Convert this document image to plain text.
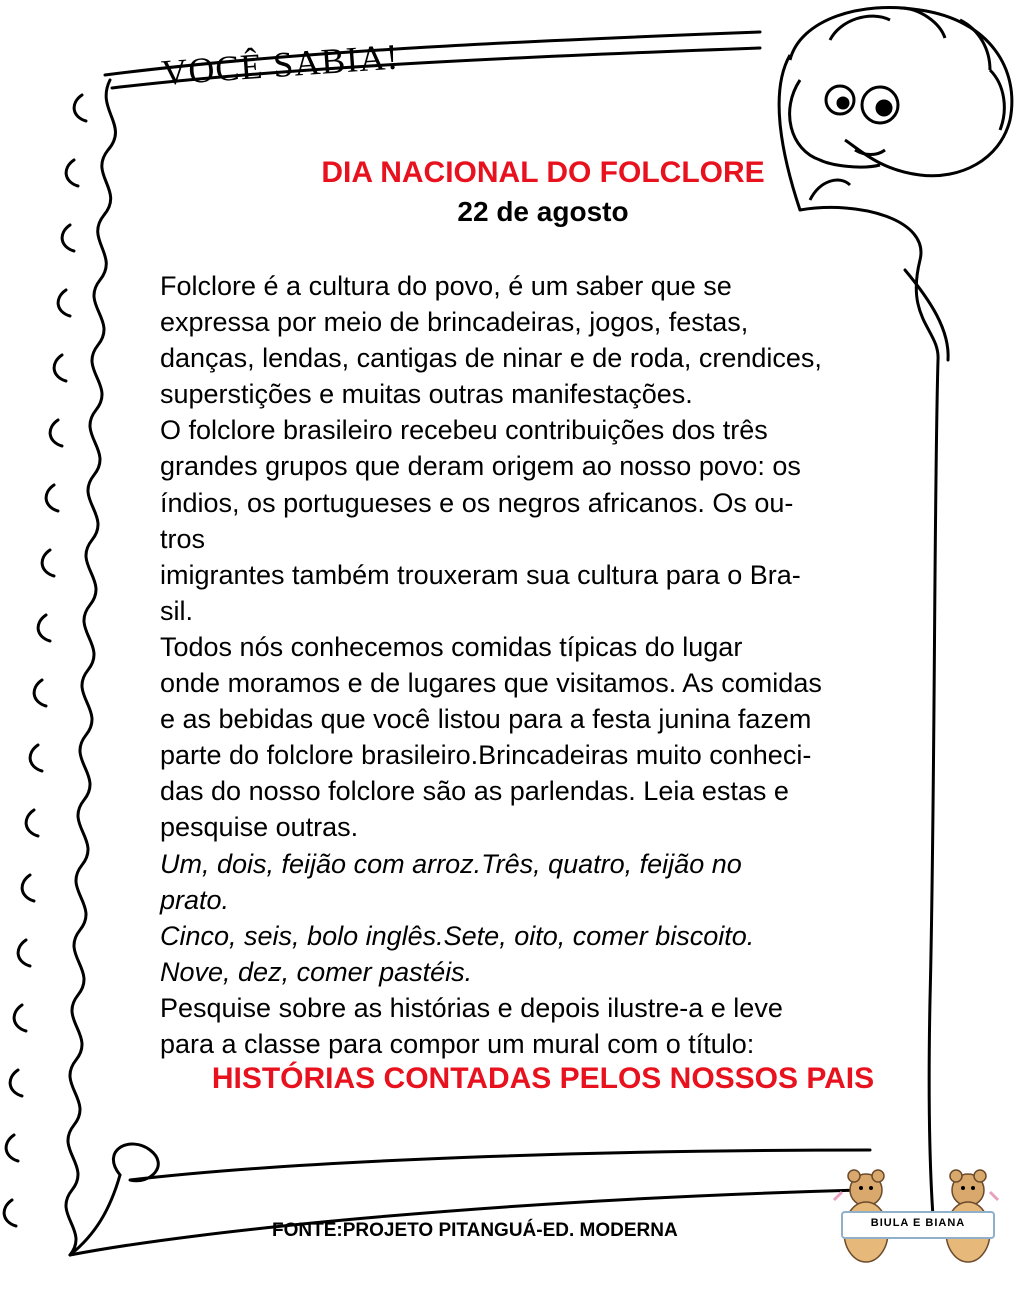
VOCÊ SABIA!
DIA NACIONAL DO FOLCLORE
22 de agosto
Folclore é a cultura do povo, é um saber que se
expressa por meio de brincadeiras, jogos, festas,
danças, lendas, cantigas de ninar e de roda, crendices,
superstições e muitas outras manifestações.
O folclore brasileiro recebeu contribuições dos três
grandes grupos que deram origem ao nosso povo: os
índios, os portugueses e os negros africanos. Os ou-
tros
imigrantes também trouxeram sua cultura para o Bra-
sil.
Todos nós conhecemos comidas típicas do lugar
onde moramos e de lugares que visitamos. As comidas
e as bebidas que você listou para a festa junina fazem
parte do folclore brasileiro.Brincadeiras muito conheci-
das do nosso folclore são as parlendas. Leia estas e
pesquise outras.
Um, dois, feijão com arroz.Três, quatro, feijão no
prato.
Cinco, seis, bolo inglês.Sete, oito, comer biscoito.
Nove, dez, comer pastéis.
Pesquise sobre as histórias e depois ilustre-a e leve
para a classe para compor um mural com o título:
HISTÓRIAS CONTADAS PELOS NOSSOS PAIS
FONTE:PROJETO PITANGUÁ-ED. MODERNA	BIULA E BIANA
